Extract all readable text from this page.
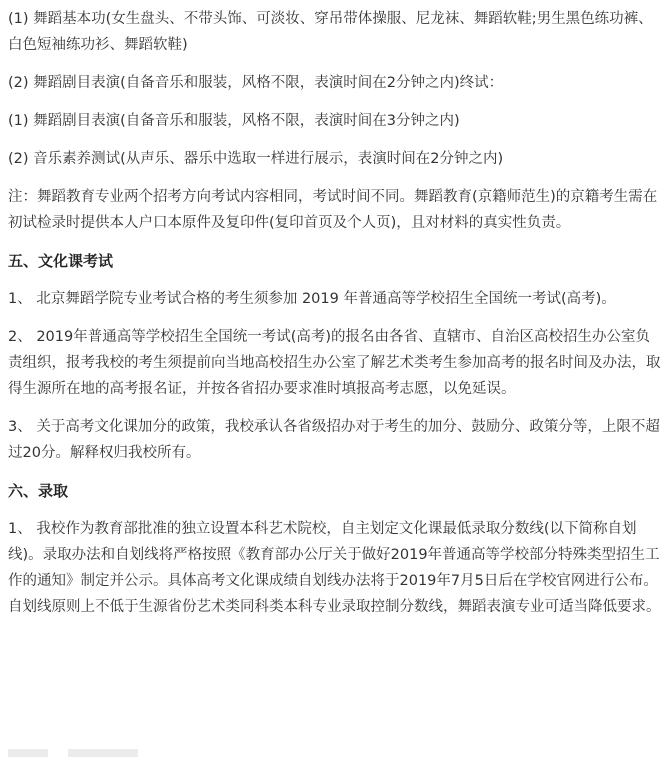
(1) 舞蹈基本功(女生盘头、不带头饰、可淡妆、穿吊带体操服、尼龙袜、舞蹈软鞋;男生黑色练功裤、白色短袖练功衫、舞蹈软鞋)

(2) 舞蹈剧目表演(自备音乐和服装，风格不限，表演时间在2分钟之内)终试：

(1) 舞蹈剧目表演(自备音乐和服装，风格不限，表演时间在3分钟之内)

(2) 音乐素养测试(从声乐、器乐中选取一样进行展示，表演时间在2分钟之内)

注：舞蹈教育专业两个招考方向考试内容相同，考试时间不同。舞蹈教育(京籍师范生)的京籍考生需在初试检录时提供本人户口本原件及复印件(复印首页及个人页)，且对材料的真实性负责。

五、文化课考试

1、 北京舞蹈学院专业考试合格的考生须参加 2019 年普通高等学校招生全国统一考试(高考)。

2、 2019年普通高等学校招生全国统一考试(高考)的报名由各省、直辖市、自治区高校招生办公室负责组织，报考我校的考生须提前向当地高校招生办公室了解艺术类考生参加高考的报名时间及办法，取得生源所在地的高考报名证，并按各省招办要求准时填报高考志愿，以免延误。

3、 关于高考文化课加分的政策，我校承认各省级招办对于考生的加分、鼓励分、政策分等，上限不超过20分。解释权归我校所有。

六、录取

1、 我校作为教育部批准的独立设置本科艺术院校，自主划定文化课最低录取分数线(以下简称自划线)。录取办法和自划线将严格按照《教育部办公厅关于做好2019年普通高等学校部分特殊类型招生工作的通知》制定并公示。具体高考文化课成绩自划线办法将于2019年7月5日后在学校官网进行公布。自划线原则上不低于生源省份艺术类同科类本科专业录取控制分数线，舞蹈表演专业可适当降低要求。
